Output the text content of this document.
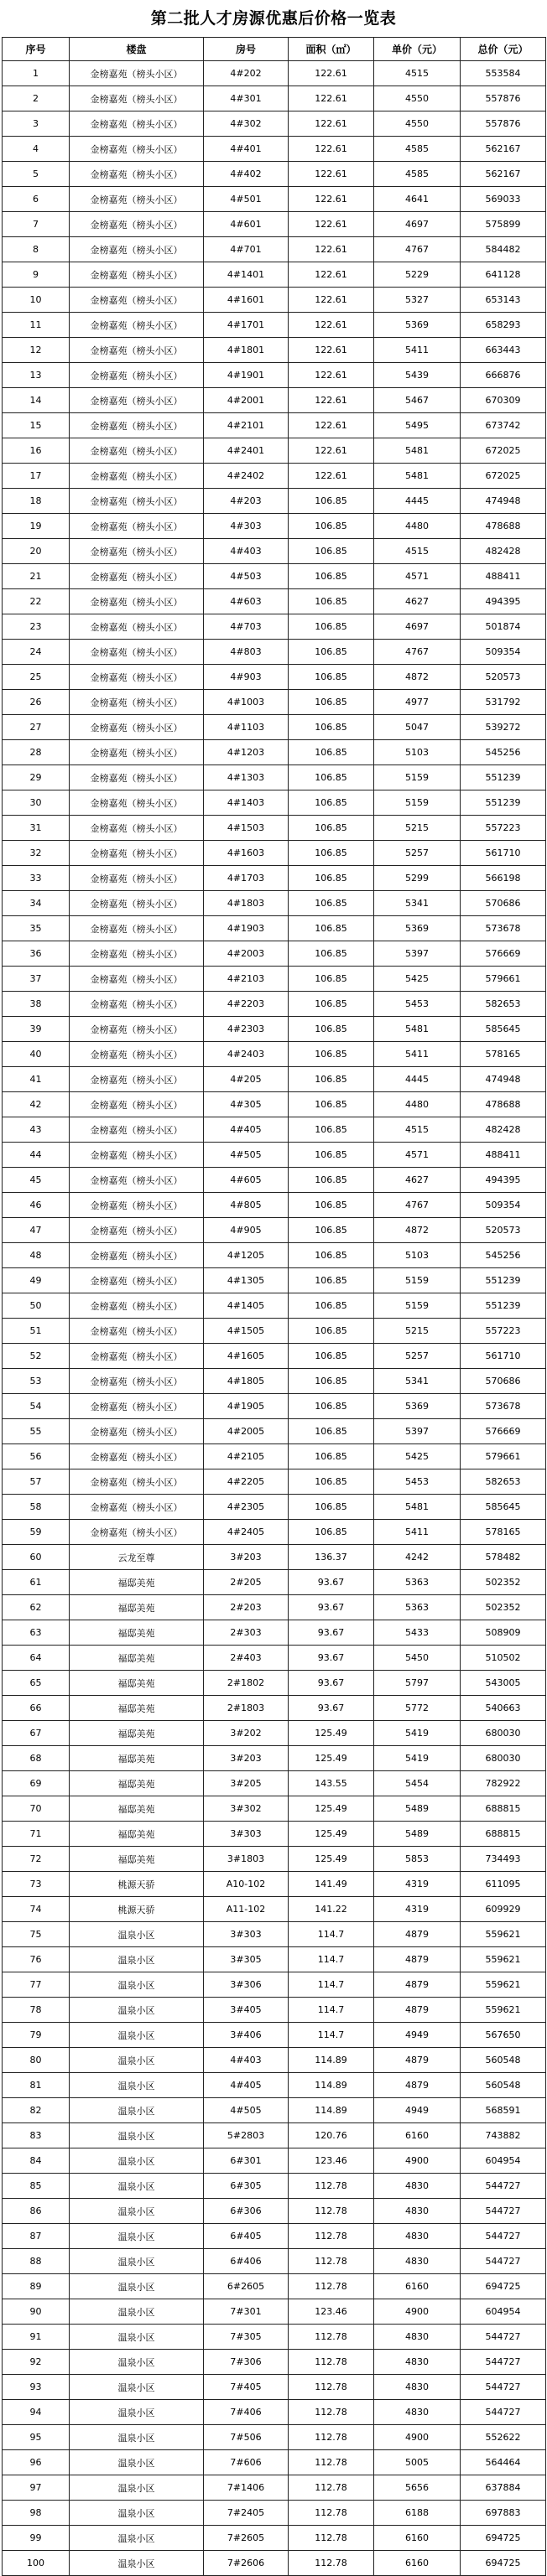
第二批人才房源优惠后价格一览表
序号	楼盘	房号	面积（㎡）	单价（元）	总价（元）
1	金榜嘉苑（榜头小区）	4#202	122.61	4515	553584
2	金榜嘉苑（榜头小区）	4#301	122.61	4550	557876
3	金榜嘉苑（榜头小区）	4#302	122.61	4550	557876
4	金榜嘉苑（榜头小区）	4#401	122.61	4585	562167
5	金榜嘉苑（榜头小区）	4#402	122.61	4585	562167
6	金榜嘉苑（榜头小区）	4#501	122.61	4641	569033
7	金榜嘉苑（榜头小区）	4#601	122.61	4697	575899
8	金榜嘉苑（榜头小区）	4#701	122.61	4767	584482
9	金榜嘉苑（榜头小区）	4#1401	122.61	5229	641128
10	金榜嘉苑（榜头小区）	4#1601	122.61	5327	653143
11	金榜嘉苑（榜头小区）	4#1701	122.61	5369	658293
12	金榜嘉苑（榜头小区）	4#1801	122.61	5411	663443
13	金榜嘉苑（榜头小区）	4#1901	122.61	5439	666876
14	金榜嘉苑（榜头小区）	4#2001	122.61	5467	670309
15	金榜嘉苑（榜头小区）	4#2101	122.61	5495	673742
16	金榜嘉苑（榜头小区）	4#2401	122.61	5481	672025
17	金榜嘉苑（榜头小区）	4#2402	122.61	5481	672025
18	金榜嘉苑（榜头小区）	4#203	106.85	4445	474948
19	金榜嘉苑（榜头小区）	4#303	106.85	4480	478688
20	金榜嘉苑（榜头小区）	4#403	106.85	4515	482428
21	金榜嘉苑（榜头小区）	4#503	106.85	4571	488411
22	金榜嘉苑（榜头小区）	4#603	106.85	4627	494395
23	金榜嘉苑（榜头小区）	4#703	106.85	4697	501874
24	金榜嘉苑（榜头小区）	4#803	106.85	4767	509354
25	金榜嘉苑（榜头小区）	4#903	106.85	4872	520573
26	金榜嘉苑（榜头小区）	4#1003	106.85	4977	531792
27	金榜嘉苑（榜头小区）	4#1103	106.85	5047	539272
28	金榜嘉苑（榜头小区）	4#1203	106.85	5103	545256
29	金榜嘉苑（榜头小区）	4#1303	106.85	5159	551239
30	金榜嘉苑（榜头小区）	4#1403	106.85	5159	551239
31	金榜嘉苑（榜头小区）	4#1503	106.85	5215	557223
32	金榜嘉苑（榜头小区）	4#1603	106.85	5257	561710
33	金榜嘉苑（榜头小区）	4#1703	106.85	5299	566198
34	金榜嘉苑（榜头小区）	4#1803	106.85	5341	570686
35	金榜嘉苑（榜头小区）	4#1903	106.85	5369	573678
36	金榜嘉苑（榜头小区）	4#2003	106.85	5397	576669
37	金榜嘉苑（榜头小区）	4#2103	106.85	5425	579661
38	金榜嘉苑（榜头小区）	4#2203	106.85	5453	582653
39	金榜嘉苑（榜头小区）	4#2303	106.85	5481	585645
40	金榜嘉苑（榜头小区）	4#2403	106.85	5411	578165
41	金榜嘉苑（榜头小区）	4#205	106.85	4445	474948
42	金榜嘉苑（榜头小区）	4#305	106.85	4480	478688
43	金榜嘉苑（榜头小区）	4#405	106.85	4515	482428
44	金榜嘉苑（榜头小区）	4#505	106.85	4571	488411
45	金榜嘉苑（榜头小区）	4#605	106.85	4627	494395
46	金榜嘉苑（榜头小区）	4#805	106.85	4767	509354
47	金榜嘉苑（榜头小区）	4#905	106.85	4872	520573
48	金榜嘉苑（榜头小区）	4#1205	106.85	5103	545256
49	金榜嘉苑（榜头小区）	4#1305	106.85	5159	551239
50	金榜嘉苑（榜头小区）	4#1405	106.85	5159	551239
51	金榜嘉苑（榜头小区）	4#1505	106.85	5215	557223
52	金榜嘉苑（榜头小区）	4#1605	106.85	5257	561710
53	金榜嘉苑（榜头小区）	4#1805	106.85	5341	570686
54	金榜嘉苑（榜头小区）	4#1905	106.85	5369	573678
55	金榜嘉苑（榜头小区）	4#2005	106.85	5397	576669
56	金榜嘉苑（榜头小区）	4#2105	106.85	5425	579661
57	金榜嘉苑（榜头小区）	4#2205	106.85	5453	582653
58	金榜嘉苑（榜头小区）	4#2305	106.85	5481	585645
59	金榜嘉苑（榜头小区）	4#2405	106.85	5411	578165
60	云龙至尊	3#203	136.37	4242	578482
61	福邸美苑	2#205	93.67	5363	502352
62	福邸美苑	2#203	93.67	5363	502352
63	福邸美苑	2#303	93.67	5433	508909
64	福邸美苑	2#403	93.67	5450	510502
65	福邸美苑	2#1802	93.67	5797	543005
66	福邸美苑	2#1803	93.67	5772	540663
67	福邸美苑	3#202	125.49	5419	680030
68	福邸美苑	3#203	125.49	5419	680030
69	福邸美苑	3#205	143.55	5454	782922
70	福邸美苑	3#302	125.49	5489	688815
71	福邸美苑	3#303	125.49	5489	688815
72	福邸美苑	3#1803	125.49	5853	734493
73	桃源天骄	A10-102	141.49	4319	611095
74	桃源天骄	A11-102	141.22	4319	609929
75	温泉小区	3#303	114.7	4879	559621
76	温泉小区	3#305	114.7	4879	559621
77	温泉小区	3#306	114.7	4879	559621
78	温泉小区	3#405	114.7	4879	559621
79	温泉小区	3#406	114.7	4949	567650
80	温泉小区	4#403	114.89	4879	560548
81	温泉小区	4#405	114.89	4879	560548
82	温泉小区	4#505	114.89	4949	568591
83	温泉小区	5#2803	120.76	6160	743882
84	温泉小区	6#301	123.46	4900	604954
85	温泉小区	6#305	112.78	4830	544727
86	温泉小区	6#306	112.78	4830	544727
87	温泉小区	6#405	112.78	4830	544727
88	温泉小区	6#406	112.78	4830	544727
89	温泉小区	6#2605	112.78	6160	694725
90	温泉小区	7#301	123.46	4900	604954
91	温泉小区	7#305	112.78	4830	544727
92	温泉小区	7#306	112.78	4830	544727
93	温泉小区	7#405	112.78	4830	544727
94	温泉小区	7#406	112.78	4830	544727
95	温泉小区	7#506	112.78	4900	552622
96	温泉小区	7#606	112.78	5005	564464
97	温泉小区	7#1406	112.78	5656	637884
98	温泉小区	7#2405	112.78	6188	697883
99	温泉小区	7#2605	112.78	6160	694725
100	温泉小区	7#2606	112.78	6160	694725
